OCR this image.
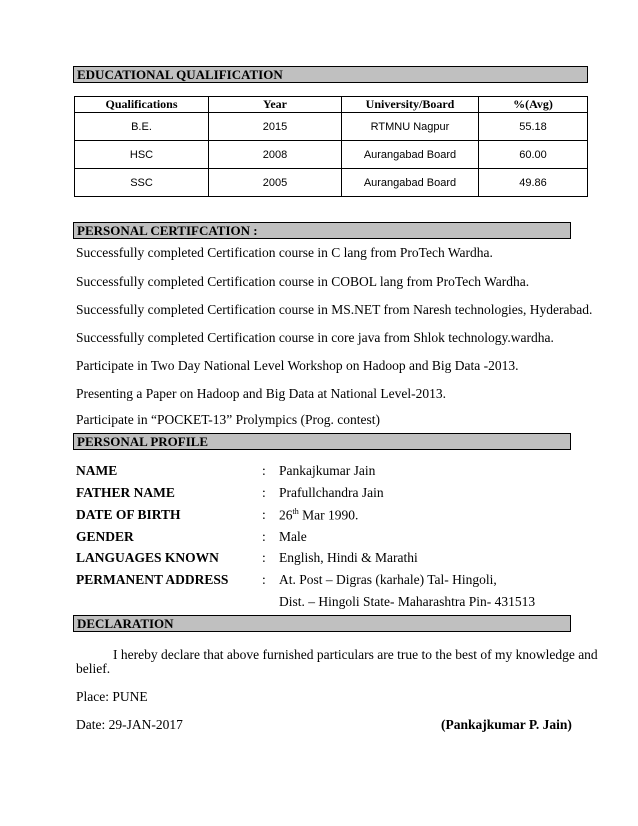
EDUCATIONAL QUALIFICATION
Qualifications	Year	University/Board	%(Avg)
B.E.	2015	RTMNU Nagpur	55.18
HSC	2008	Aurangabad Board	60.00
SSC	2005	Aurangabad Board	49.86
PERSONAL CERTIFCATION :
Successfully completed Certification course in C lang from ProTech Wardha.
Successfully completed Certification course in COBOL lang from ProTech Wardha.
Successfully completed Certification course in MS.NET from Naresh technologies, Hyderabad.
Successfully completed Certification course in core java from Shlok technology.wardha.
Participate in Two Day National Level Workshop on Hadoop and Big Data -2013.
Presenting a Paper on Hadoop and Big Data at National Level-2013.
Participate in “POCKET-13” Prolympics (Prog. contest)
PERSONAL PROFILE
NAME	: Pankajkumar Jain
FATHER NAME	: Prafullchandra Jain
DATE OF BIRTH	: 26th Mar 1990.
GENDER	: Male
LANGUAGES KNOWN	: English, Hindi & Marathi
PERMANENT ADDRESS : At. Post – Digras (karhale) Tal- Hingoli,
Dist. – Hingoli State- Maharashtra Pin- 431513
DECLARATION
I hereby declare that above furnished particulars are true to the best of my knowledge and
belief.
Place: PUNE
Date: 29-JAN-2017	(Pankajkumar P. Jain)
